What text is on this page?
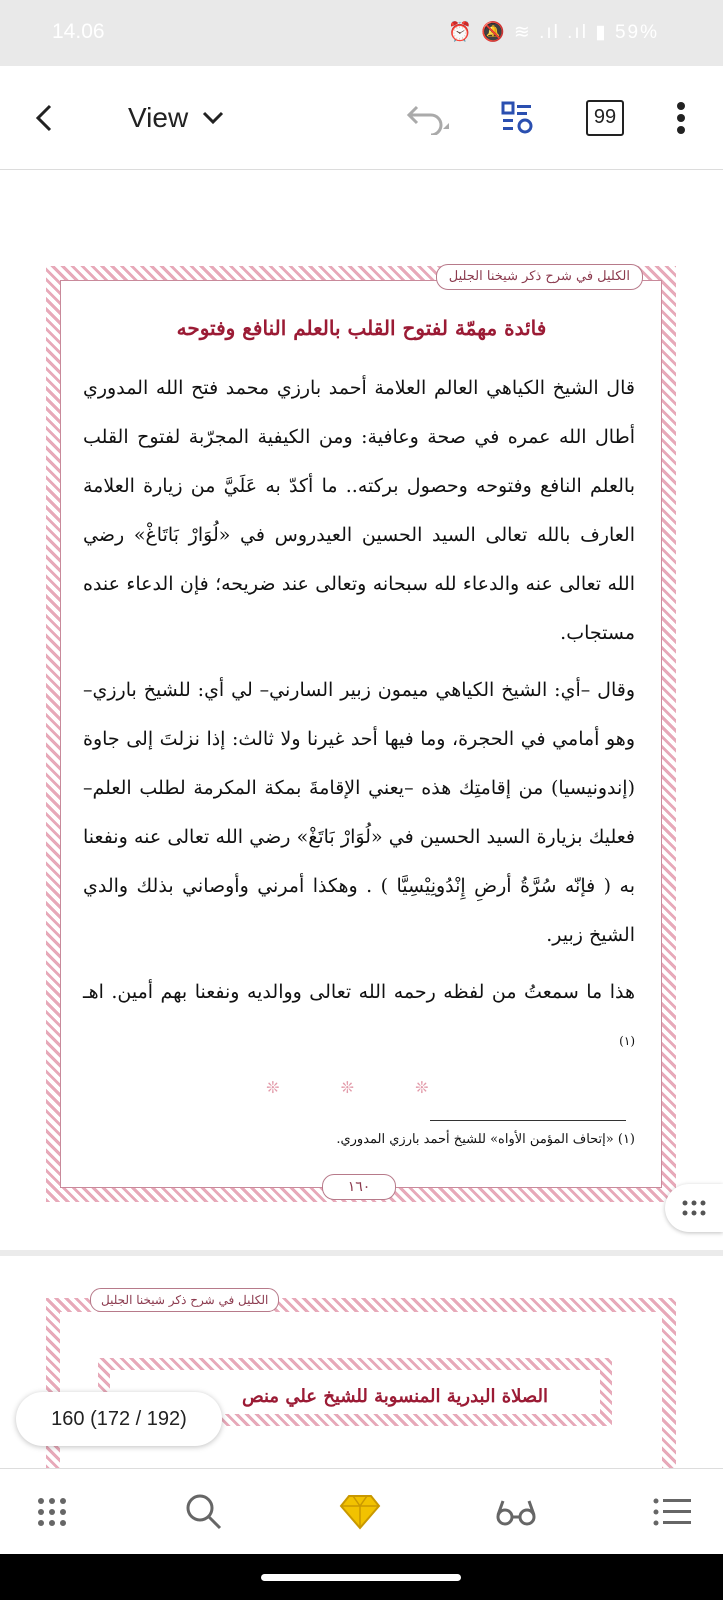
14.06	⏰ 🔕 ≋ .ıl .ıl ▮ 59%
View	99
الكليل في شرح ذكر شيخنا الجليل
فائدة مهمّة لفتوح القلب بالعلم النافع وفتوحه

قال الشيخ الكياهي العالم العلامة أحمد بارزي محمد فتح الله المدوري أطال الله عمره في صحة وعافية: ومن الكيفية المجرّبة لفتوح القلب بالعلم النافع وفتوحه وحصول بركته.. ما أكدّ به عَلَيَّ من زيارة العلامة العارف بالله تعالى السيد الحسين العيدروس في «لُوَارْ بَاتَاغْ» رضي الله تعالى عنه والدعاء لله سبحانه وتعالى عند ضريحه؛ فإن الدعاء عنده مستجاب.

وقال –أي: الشيخ الكياهي ميمون زبير السارني– لي أي: للشيخ بارزي– وهو أمامي في الحجرة، وما فيها أحد غيرنا ولا ثالث: إذا نزلتَ إلى جاوة (إندونيسيا) من إقامتِك هذه –يعني الإقامةَ بمكة المكرمة لطلب العلم– فعليك بزيارة السيد الحسين في «لُوَارْ بَاتَغْ» رضي الله تعالى عنه ونفعنا به ( فإنّه سُرَّةُ أرضِ إِنْدُونِيْسِيَّا ) . وهكذا أمرني وأوصاني بذلك والدي الشيخ زبير.

هذا ما سمعتُ من لفظه رحمه الله تعالى ووالديه ونفعنا بهم أمين. اهـ $^{(١)}$

❊ ❊ ❊
(١) «إتحاف المؤمن الأواه» للشيخ أحمد بارزي المدوري.
١٦٠
الكليل في شرح ذكر شيخنا الجليل
الصلاة البدرية المنسوبة للشيخ علي منص
160 (172 / 192)
